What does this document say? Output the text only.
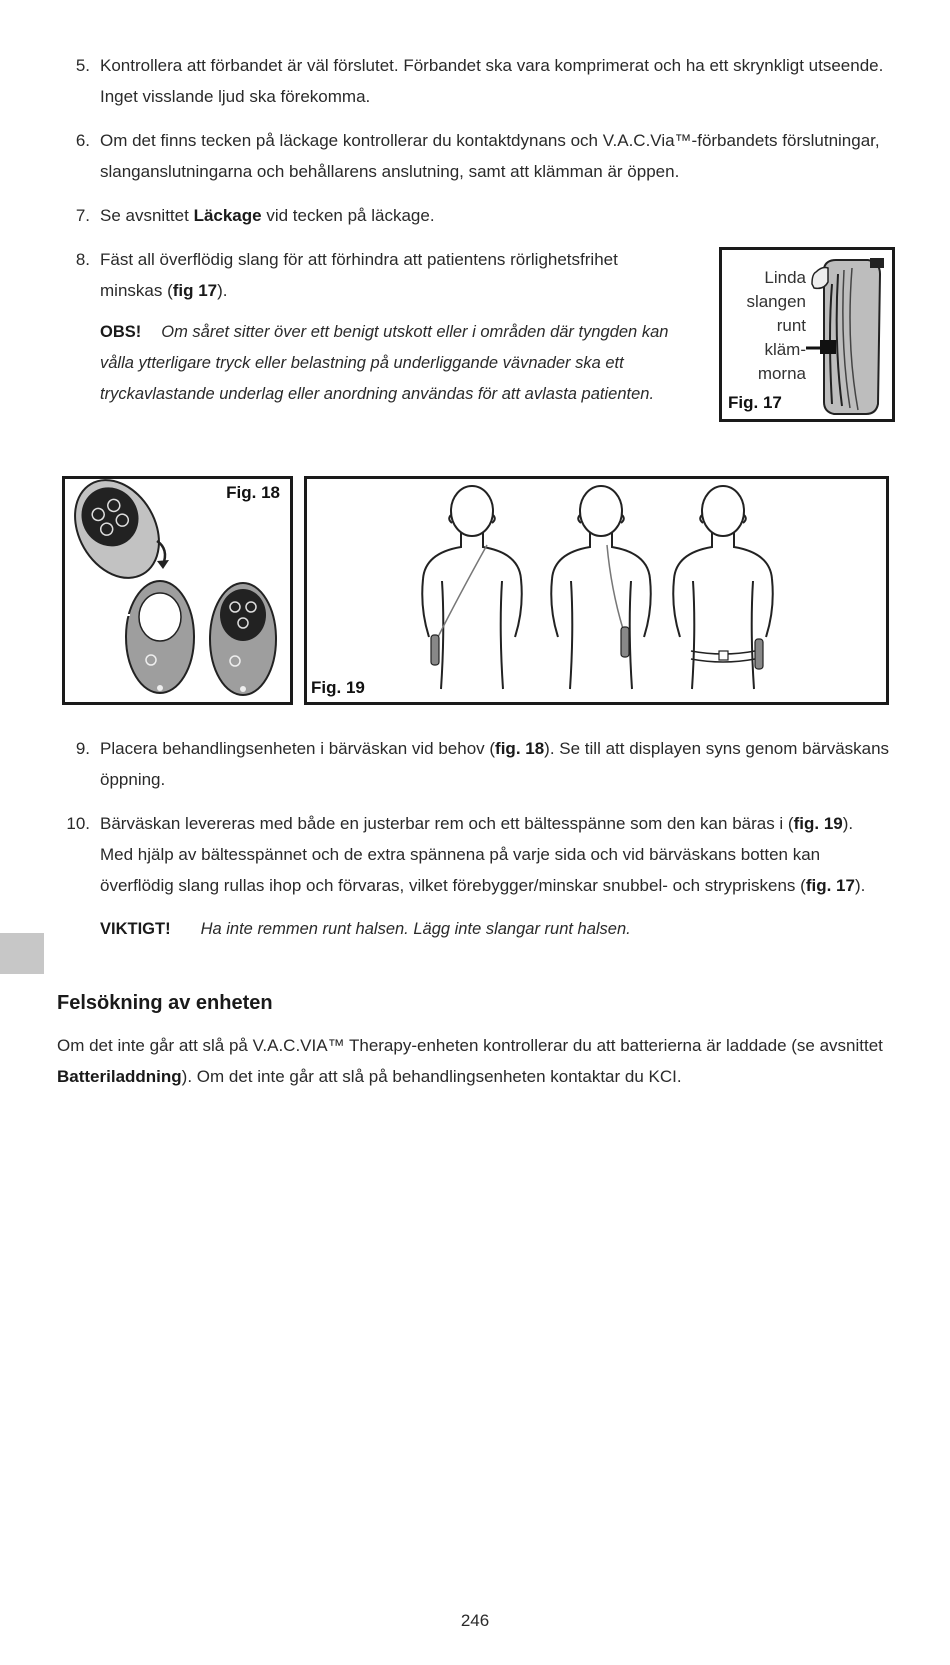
5. Kontrollera att förbandet är väl förslutet. Förbandet ska vara komprimerat och ha ett skrynkligt utseende. Inget visslande ljud ska förekomma.
6. Om det finns tecken på läckage kontrollerar du kontaktdynans och V.A.C.Via™-förbandets förslutningar, slanganslutningarna och behållarens anslutning, samt att klämman är öppen.
7. Se avsnittet Läckage vid tecken på läckage.
8. Fäst all överflödig slang för att förhindra att patientens rörlighetsfrihet minskas (fig 17).
OBS! Om såret sitter över ett benigt utskott eller i områden där tyngden kan vålla ytterligare tryck eller belastning på underliggande vävnader ska ett tryckavlastande underlag eller anordning användas för att avlasta patienten.
Linda
slangen
runt
kläm-
morna
Fig. 17
Fig. 18
Fig. 19
9. Placera behandlingsenheten i bärväskan vid behov (fig. 18). Se till att displayen syns genom bärväskans öppning.
10. Bärväskan levereras med både en justerbar rem och ett bältesspänne som den kan bäras i (fig. 19). Med hjälp av bältesspännet och de extra spännena på varje sida och vid bärväskans botten kan överflödig slang rullas ihop och förvaras, vilket förebygger/minskar snubbel- och strypriskens (fig. 17).
VIKTIGT! Ha inte remmen runt halsen. Lägg inte slangar runt halsen.
Felsökning av enheten
Om det inte går att slå på V.A.C.VIA™ Therapy-enheten kontrollerar du att batterierna är laddade (se avsnittet Batteriladdning). Om det inte går att slå på behandlingsenheten kontaktar du KCI.
246
